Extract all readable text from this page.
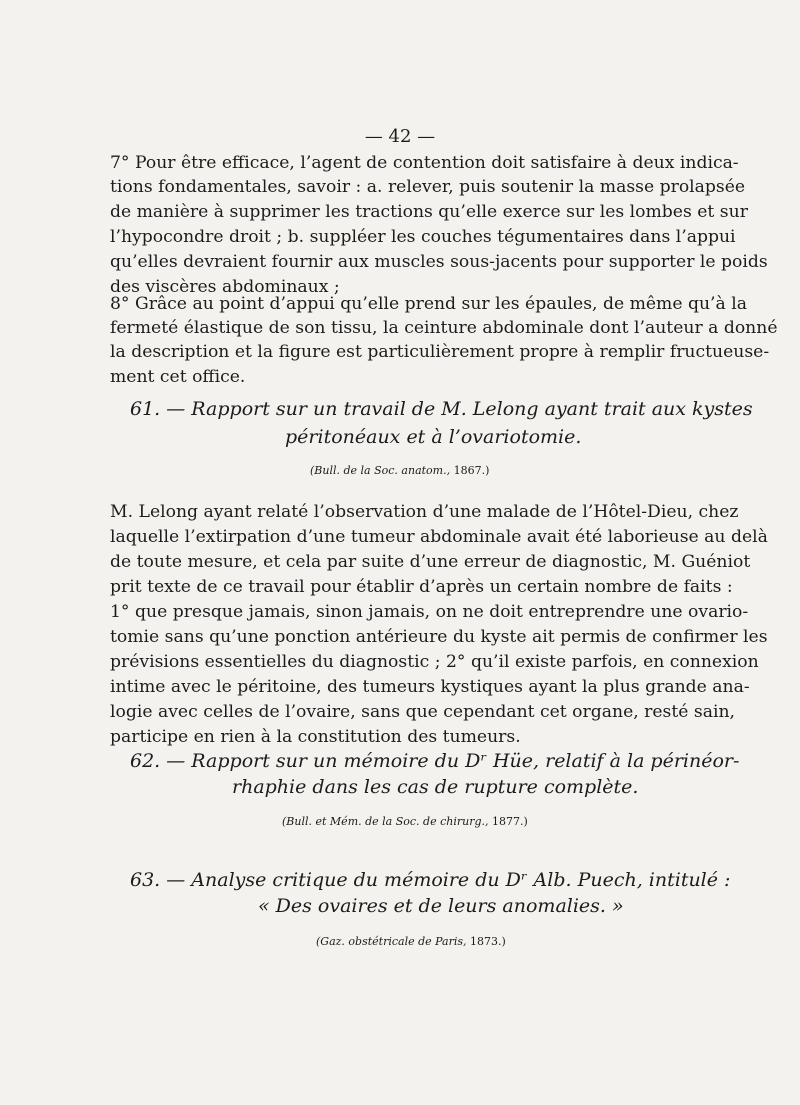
— 42 —
7° Pour être efficace, l’agent de contention doit satisfaire à deux indica-
tions fondamentales, savoir : a. relever, puis soutenir la masse prolapsée
de manière à supprimer les tractions qu’elle exerce sur les lombes et sur
l’hypocondre droit ; b. suppléer les couches tégumentaires dans l’appui
qu’elles devraient fournir aux muscles sous-jacents pour supporter le poids
des viscères abdominaux ;
8° Grâce au point d’appui qu’elle prend sur les épaules, de même qu’à la
fermeté élastique de son tissu, la ceinture abdominale dont l’auteur a donné
la description et la figure est particulièrement propre à remplir fructueuse-
ment cet office.
61. — Rapport sur un travail de M. Lelong ayant trait aux kystes
péritonéaux et à l’ovariotomie.
(Bull. de la Soc. anatom., 1867.)
M. Lelong ayant relaté l’observation d’une malade de l’Hôtel-Dieu, chez
laquelle l’extirpation d’une tumeur abdominale avait été laborieuse au delà
de toute mesure, et cela par suite d’une erreur de diagnostic, M. Guéniot
prit texte de ce travail pour établir d’après un certain nombre de faits :
1° que presque jamais, sinon jamais, on ne doit entreprendre une ovario-
tomie sans qu’une ponction antérieure du kyste ait permis de confirmer les
prévisions essentielles du diagnostic ; 2° qu’il existe parfois, en connexion
intime avec le péritoine, des tumeurs kystiques ayant la plus grande ana-
logie avec celles de l’ovaire, sans que cependant cet organe, resté sain,
participe en rien à la constitution des tumeurs.
62. — Rapport sur un mémoire du Dʳ Hüe, relatif à la périnéor-
rhaphie dans les cas de rupture complète.
(Bull. et Mém. de la Soc. de chirurg., 1877.)
63. — Analyse critique du mémoire du Dʳ Alb. Puech, intitulé :
« Des ovaires et de leurs anomalies. »
(Gaz. obstétricale de Paris, 1873.)
